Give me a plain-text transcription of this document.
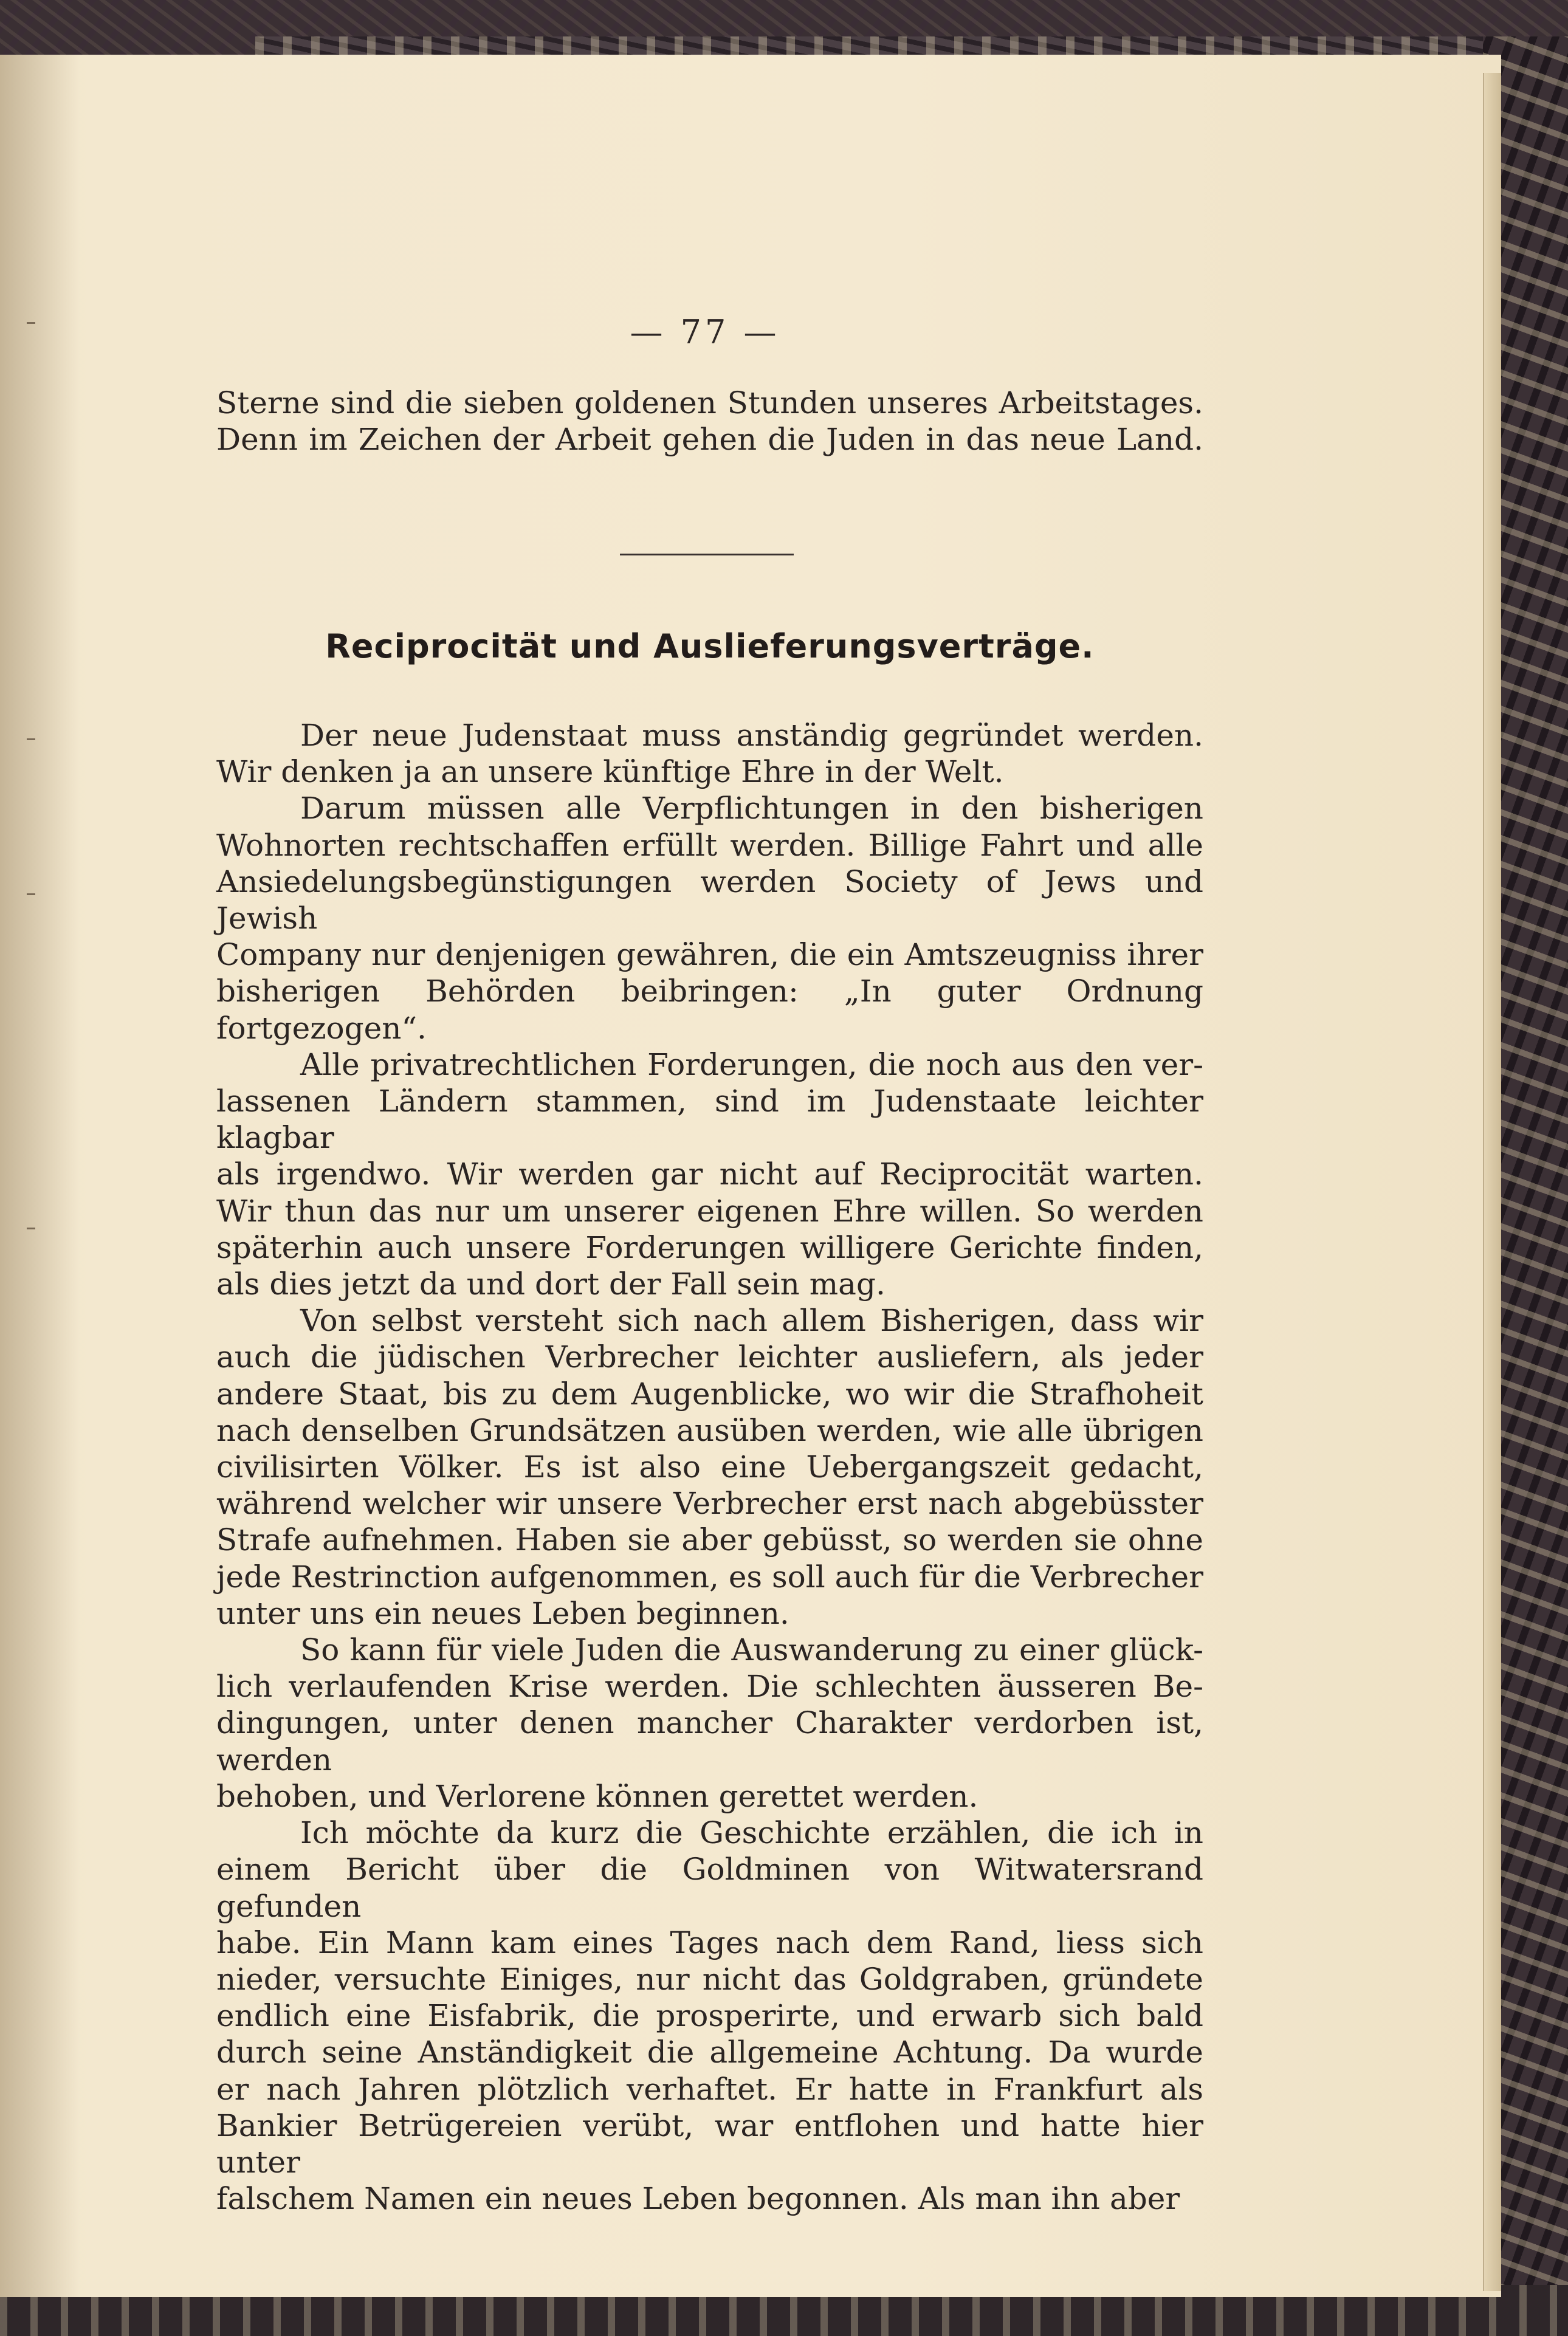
— 77 —
Sterne sind die sieben goldenen Stunden unseres Arbeitstages.
Denn im Zeichen der Arbeit gehen die Juden in das neue Land.
Reciprocität und Auslieferungsverträge.
Der neue Judenstaat muss anständig gegründet werden.
Wir denken ja an unsere künftige Ehre in der Welt.
Darum müssen alle Verpflichtungen in den bisherigen
Wohnorten rechtschaffen erfüllt werden. Billige Fahrt und alle
Ansiedelungsbegünstigungen werden Society of Jews und Jewish
Company nur denjenigen gewähren, die ein Amtszeugniss ihrer
bisherigen Behörden beibringen: „In guter Ordnung fortgezogen“.
Alle privatrechtlichen Forderungen, die noch aus den ver-
lassenen Ländern stammen, sind im Judenstaate leichter klagbar
als irgendwo. Wir werden gar nicht auf Reciprocität warten.
Wir thun das nur um unserer eigenen Ehre willen. So werden
späterhin auch unsere Forderungen willigere Gerichte finden,
als dies jetzt da und dort der Fall sein mag.
Von selbst versteht sich nach allem Bisherigen, dass wir
auch die jüdischen Verbrecher leichter ausliefern, als jeder
andere Staat, bis zu dem Augenblicke, wo wir die Strafhoheit
nach denselben Grundsätzen ausüben werden, wie alle übrigen
civilisirten Völker. Es ist also eine Uebergangszeit gedacht,
während welcher wir unsere Verbrecher erst nach abgebüsster
Strafe aufnehmen. Haben sie aber gebüsst, so werden sie ohne
jede Restrinction aufgenommen, es soll auch für die Verbrecher
unter uns ein neues Leben beginnen.
So kann für viele Juden die Auswanderung zu einer glück-
lich verlaufenden Krise werden. Die schlechten äusseren Be-
dingungen, unter denen mancher Charakter verdorben ist, werden
behoben, und Verlorene können gerettet werden.
Ich möchte da kurz die Geschichte erzählen, die ich in
einem Bericht über die Goldminen von Witwatersrand gefunden
habe. Ein Mann kam eines Tages nach dem Rand, liess sich
nieder, versuchte Einiges, nur nicht das Goldgraben, gründete
endlich eine Eisfabrik, die prosperirte, und erwarb sich bald
durch seine Anständigkeit die allgemeine Achtung. Da wurde
er nach Jahren plötzlich verhaftet. Er hatte in Frankfurt als
Bankier Betrügereien verübt, war entflohen und hatte hier unter
falschem Namen ein neues Leben begonnen. Als man ihn aber
